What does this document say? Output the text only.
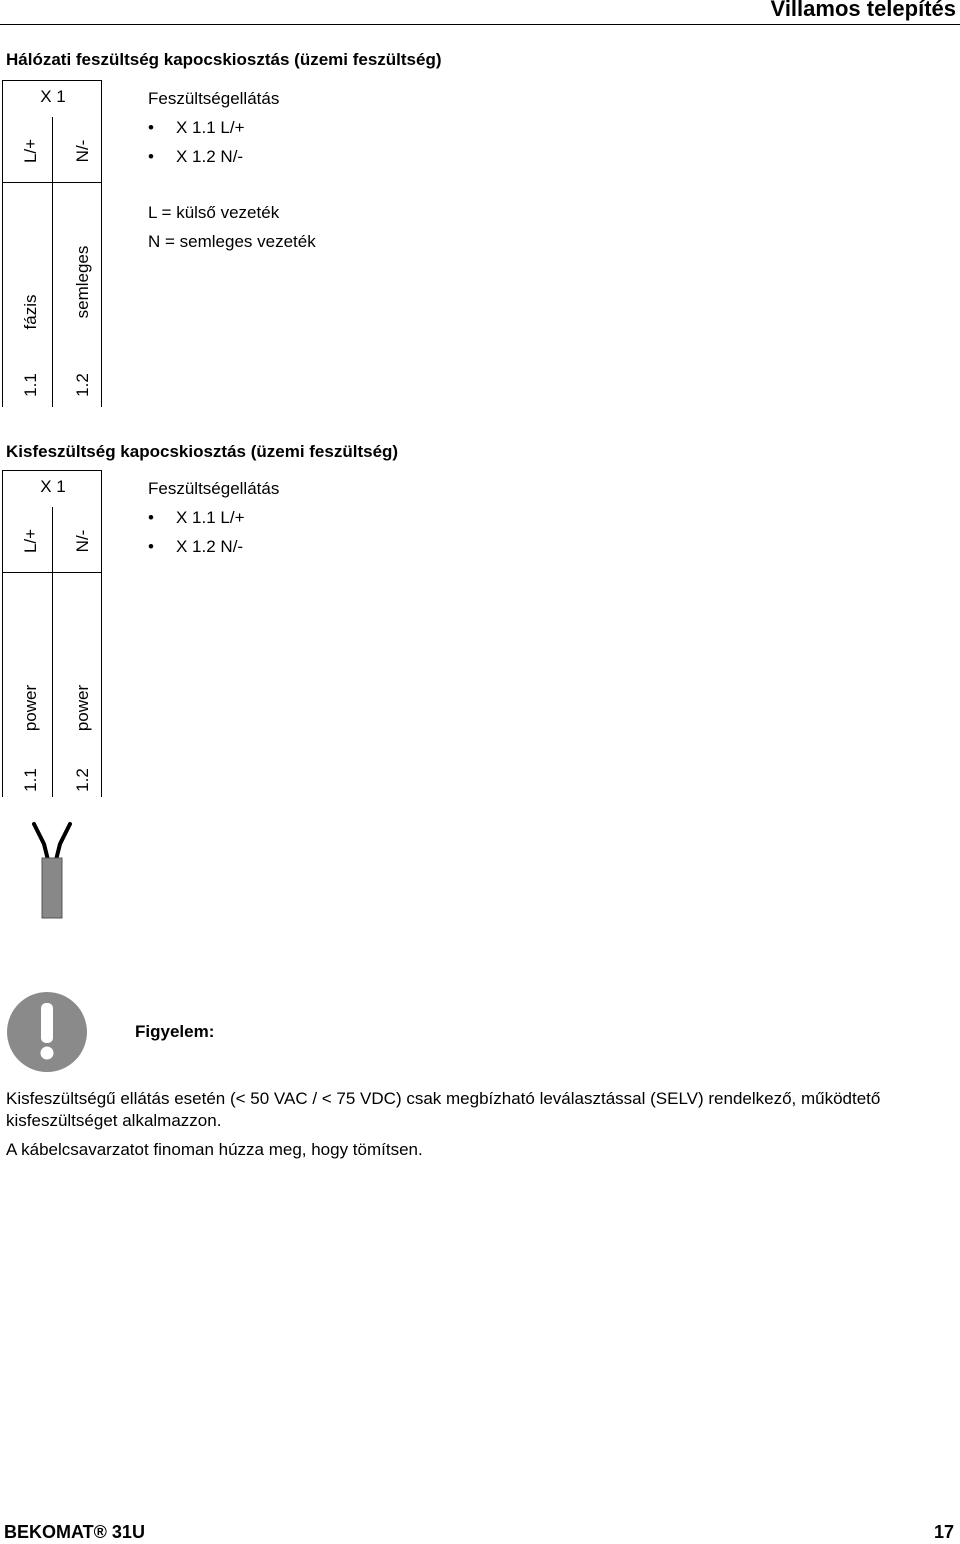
Villamos telepítés
Hálózati feszültség kapocskiosztás (üzemi feszültség)
X 1
L/+ N/-
fázis semleges
1.1 1.2
Feszültségellátás
• X 1.1 L/+
• X 1.2 N/-
L = külső vezeték
N = semleges vezeték
Kisfeszültség kapocskiosztás (üzemi feszültség)
X 1
L/+ N/-
power power
1.1 1.2
Feszültségellátás
• X 1.1 L/+
• X 1.2 N/-
Figyelem:
Kisfeszültségű ellátás esetén (< 50 VAC / < 75 VDC) csak megbízható leválasztással (SELV) rendelkező, működtető kisfeszültséget alkalmazzon.
A kábelcsavarzatot finoman húzza meg, hogy tömítsen.
BEKOMAT® 31U	17
